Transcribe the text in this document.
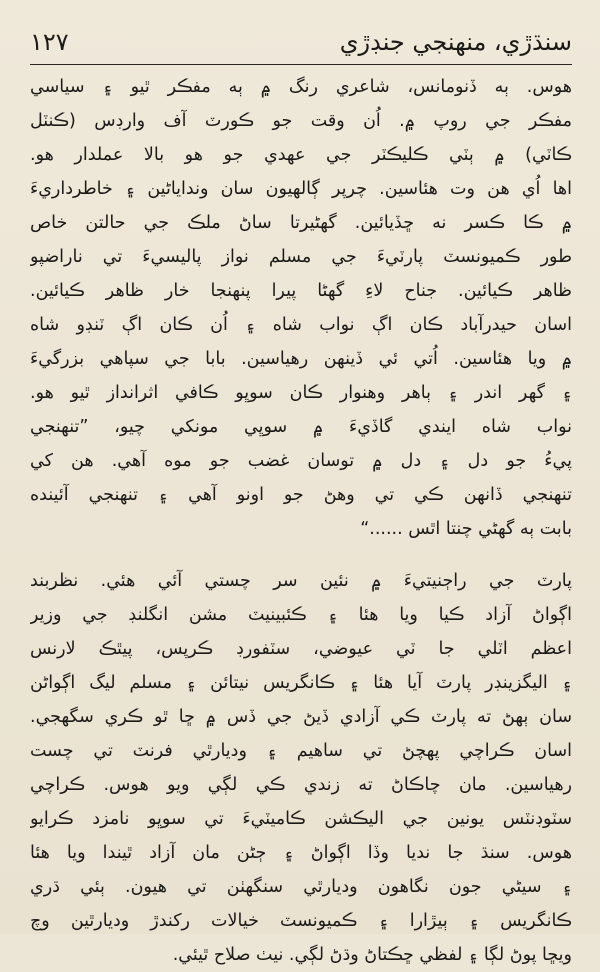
١٢٧	سنڌڙي، منهنجي جنڊڙي
هوس. ٻه ڏنومانس، شاعري رنگ ۾ ٻه مفڪر ٿيو ۽ سياسي
مفڪر جي روپ ۾. اُن وقت جو ڪورٽ آف وارڊس (ڪنٽل
ڪاٽي) ۾ ٻٽي ڪليڪٽر جي عهدي جو هو بالا عملدار هو.
اها اُي هن وت هئاسين. چرپر ڳالهيون سان ونداياڻين ۽ خاطرداريءَ
۾ ڪا ڪسر نه ڇڏيائين. گهڻيرتا ساڻ ملڪ جي حالتن خاص
طور ڪميونسٽ پارٽيءَ جي مسلم نواز پاليسيءَ تي ناراضپو
ظاهر ڪيائين. جناح لاءِ گهڻا پيرا پنهنجا خار ظاهر ڪيائين.
اسان حيدرآباد ڪان اڳ نواب شاه ۽ اُن ڪان اڳ ٽنڊو شاه
۾ ويا هئاسين. اُتي ئي ڏينهن رهياسين. بابا جي سپاهي بزرگيءَ
۽ گهر اندر ۽ ٻاهر وهنوار ڪان سوڀو ڪافي اثرانداز ٿيو هو.
نواب شاه ايندي گاڏيءَ ۾ سوڀي مونکي چيو، ”تنهنجي
پيءُ جو دل ۽ دل ۾ توسان غضب جو موه آهي. هن کي
تنهنجي ڏانهن ڪي تي وهڻ جو اونو آهي ۽ تنهنجي آئينده
بابت ٻه گهڻي چنتا اٿس ......“
پارٽ جي راڄنيتيءَ ۾ نئين سر چستي آئي هئي. نظربند
اڳواڻ آزاد ڪيا ويا هئا ۽ ڪئبينيٽ مشن انگلنڊ جي وزير
اعظم اٽلي جا ٽي عيوضي، سٽفورڊ ڪرپس، پيٿڪ لارنس
۽ اليگزينڊر پارٽ آيا هئا ۽ ڪانگريس نيتائن ۽ مسلم ليگ اڳواڻن
سان ٻهڻ ته پارٽ ڪي آزادي ڏيڻ جي ڏس ۾ ڇا ٿو ڪري سگهجي.
اسان ڪراچي پهچڻ تي ساهيم ۽ وديارٿي فرنٽ تي چست
رهياسين. مان چاڪاڻ ته زندي ڪي لڳي ويو هوس. ڪراچي
سٽوڊنٽس يونين جي اليڪشن ڪاميٽيءَ تي سوڀو نامزد ڪرايو
هوس. سنڌ جا نديا وڏا اڳواڻ ۽ ڄڻن مان آزاد ٿيندا ويا هئا
۽ سيڻي جون نگاهون وديارٿي سنگهٺن تي هيون. ٻئي ڌري
ڪانگريس ۽ ٻيڙارا ۽ ڪميونسٽ خيالات رکندڙ وديارٿين وچ
ويڇا پوڻ لڳا ۽ لفظي ڇڪتاڻ وڌڻ لڳي. نيٺ صلاح ٿيئي.
